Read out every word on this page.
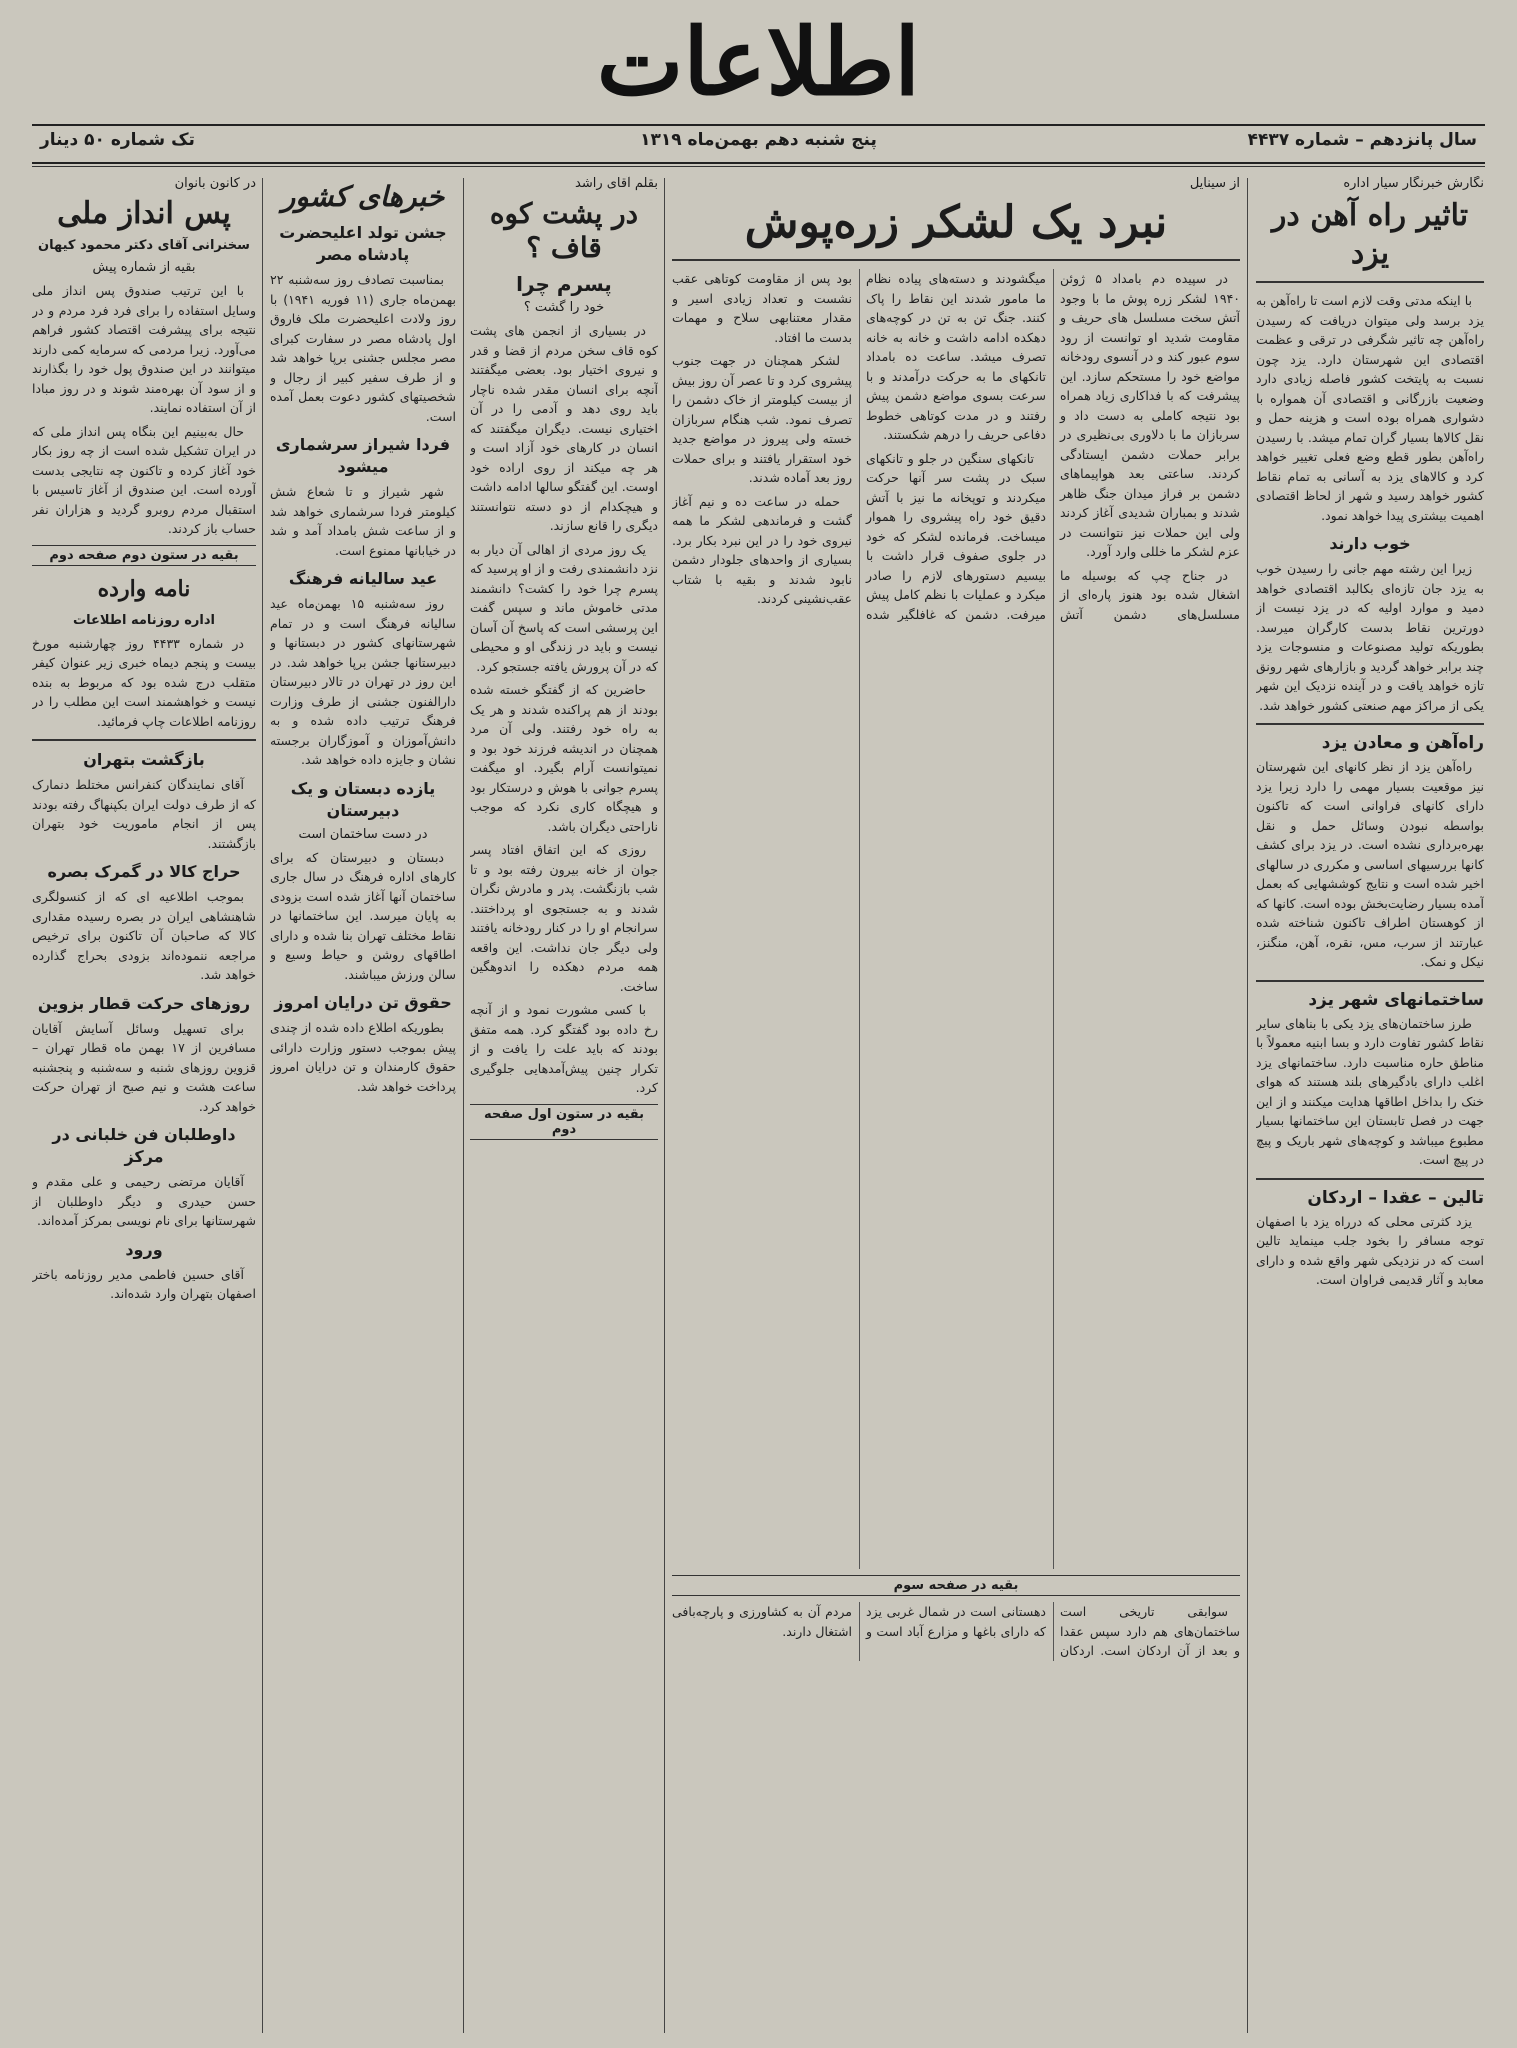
اطلاعات
سال پانزدهم – شماره ۴۴۳۷
پنج شنبه دهم بهمن‌ماه ۱۳۱۹
تک شماره ۵۰ دینار
نگارش خبرنگار سیار اداره
تاثیر راه آهن در یزد

با اینکه مدتی وقت لازم است تا راه‌آهن به یزد برسد ولی میتوان دریافت که رسیدن راه‌آهن چه تاثیر شگرفی در ترقی و عظمت اقتصادی این شهرستان دارد. یزد چون نسبت به پایتخت کشور فاصله زیادی دارد وضعیت بازرگانی و اقتصادی آن همواره با دشواری همراه بوده است و هزینه حمل و نقل کالاها بسیار گران تمام میشد. با رسیدن راه‌آهن بطور قطع وضع فعلی تغییر خواهد کرد و کالاهای یزد به آسانی به تمام نقاط کشور خواهد رسید و شهر از لحاظ اقتصادی اهمیت بیشتری پیدا خواهد نمود.

خوب دارند

زیرا این رشته مهم جانی را رسیدن خوب به یزد جان تازه‌ای بکالبد اقتصادی خواهد دمید و موارد اولیه که در یزد نیست از دورترین نقاط بدست کارگران میرسد. بطوریکه تولید مصنوعات و منسوجات یزد چند برابر خواهد گردید و بازارهای شهر رونق تازه خواهد یافت و در آینده نزدیک این شهر یکی از مراکز مهم صنعتی کشور خواهد شد.

راه‌آهن و معادن یزد

راه‌آهن یزد از نظر کانهای این شهرستان نیز موقعیت بسیار مهمی را دارد زیرا یزد دارای کانهای فراوانی است که تاکنون بواسطه نبودن وسائل حمل و نقل بهره‌برداری نشده است. در یزد برای کشف کانها بررسیهای اساسی و مکرری در سالهای اخیر شده است و نتایج کوششهایی که بعمل آمده بسیار رضایت‌بخش بوده است. کانها که از کوهستان اطراف تاکنون شناخته شده عبارتند از سرب، مس، نقره، آهن، منگنز، نیکل و نمک.

ساختمانهای شهر یزد

طرز ساختمان‌های یزد یکی با بناهای سایر نقاط کشور تفاوت دارد و بسا ابنیه معمولاً با مناطق حاره مناسبت دارد. ساختمانهای یزد اغلب دارای بادگیرهای بلند هستند که هوای خنک را بداخل اطاقها هدایت میکنند و از این جهت در فصل تابستان این ساختمانها بسیار مطبوع میباشد و کوچه‌های شهر باریک و پیچ در پیچ است.

تالین – عقدا – اردکان

یزد کثرتی محلی که درراه یزد با اصفهان توجه مسافر را بخود جلب مینماید تالین است که در نزدیکی شهر واقع شده و دارای معابد و آثار قدیمی فراوان است.

از سینایل
نبرد یک لشکر زره‌پوش

در سپیده دم بامداد ۵ ژوئن ۱۹۴۰ لشکر زره پوش ما با وجود آتش سخت مسلسل های حریف و مقاومت شدید او توانست از رود سوم عبور کند و در آنسوی رودخانه مواضع خود را مستحکم سازد. این پیشرفت که با فداکاری زیاد همراه بود نتیجه کاملی به دست داد و سربازان ما با دلاوری بی‌نظیری در برابر حملات دشمن ایستادگی کردند. ساعتی بعد هواپیماهای دشمن بر فراز میدان جنگ ظاهر شدند و بمباران شدیدی آغاز کردند ولی این حملات نیز نتوانست در عزم لشکر ما خللی وارد آورد.

در جناح چپ که بوسیله ما اشغال شده بود هنوز پاره‌ای از مسلسل‌های دشمن آتش میگشودند و دسته‌های پیاده نظام ما مامور شدند این نقاط را پاک کنند. جنگ تن به تن در کوچه‌های دهکده ادامه داشت و خانه به خانه تصرف میشد. ساعت ده بامداد تانکهای ما به حرکت درآمدند و با سرعت بسوی مواضع دشمن پیش رفتند و در مدت کوتاهی خطوط دفاعی حریف را درهم شکستند.

تانکهای سنگین در جلو و تانکهای سبک در پشت سر آنها حرکت میکردند و توپخانه ما نیز با آتش دقیق خود راه پیشروی را هموار میساخت. فرمانده لشکر که خود در جلوی صفوف قرار داشت با بیسیم دستورهای لازم را صادر میکرد و عملیات با نظم کامل پیش میرفت. دشمن که غافلگیر شده بود پس از مقاومت کوتاهی عقب نشست و تعداد زیادی اسیر و مقدار معتنابهی سلاح و مهمات بدست ما افتاد.

لشکر همچنان در جهت جنوب پیشروی کرد و تا عصر آن روز بیش از بیست کیلومتر از خاک دشمن را تصرف نمود. شب هنگام سربازان خسته ولی پیروز در مواضع جدید خود استقرار یافتند و برای حملات روز بعد آماده شدند.

حمله در ساعت ده و نیم آغاز گشت و فرماندهی لشکر ما همه نیروی خود را در این نبرد بکار برد. بسیاری از واحدهای جلودار دشمن نابود شدند و بقیه با شتاب عقب‌نشینی کردند.

بقیه در صفحه سوم

سوابقی تاریخی است ساختمان‌های هم دارد سپس عقدا و بعد از آن اردکان است. اردکان دهستانی است در شمال غربی یزد که دارای باغها و مزارع آباد است و مردم آن به کشاورزی و پارچه‌بافی اشتغال دارند.

بقلم آقای راشد
در پشت کوه قاف ؟
پسرم چرا
خود را گشت ؟

در بسیاری از انجمن های پشت کوه قاف سخن مردم از قضا و قدر و نیروی اختیار بود. بعضی میگفتند آنچه برای انسان مقدر شده ناچار باید روی دهد و آدمی را در آن اختیاری نیست. دیگران میگفتند که انسان در کارهای خود آزاد است و هر چه میکند از روی اراده خود اوست. این گفتگو سالها ادامه داشت و هیچکدام از دو دسته نتوانستند دیگری را قانع سازند.

یک روز مردی از اهالی آن دیار به نزد دانشمندی رفت و از او پرسید که پسرم چرا خود را کشت؟ دانشمند مدتی خاموش ماند و سپس گفت این پرسشی است که پاسخ آن آسان نیست و باید در زندگی او و محیطی که در آن پرورش یافته جستجو کرد.

حاضرین که از گفتگو خسته شده بودند از هم پراکنده شدند و هر یک به راه خود رفتند. ولی آن مرد همچنان در اندیشه فرزند خود بود و نمیتوانست آرام بگیرد. او میگفت پسرم جوانی با هوش و درستکار بود و هیچگاه کاری نکرد که موجب ناراحتی دیگران باشد.

روزی که این اتفاق افتاد پسر جوان از خانه بیرون رفته بود و تا شب بازنگشت. پدر و مادرش نگران شدند و به جستجوی او پرداختند. سرانجام او را در کنار رودخانه یافتند ولی دیگر جان نداشت. این واقعه همه مردم دهکده را اندوهگین ساخت.

با کسی مشورت نمود و از آنچه رخ داده بود گفتگو کرد. همه متفق بودند که باید علت را یافت و از تکرار چنین پیش‌آمدهایی جلوگیری کرد.

بقیه در ستون اول صفحه دوم
خبرهای کشور
جشن تولد اعلیحضرت پادشاه مصر

بمناسبت تصادف روز سه‌شنبه ۲۲ بهمن‌ماه جاری (۱۱ فوریه ۱۹۴۱) با روز ولادت اعلیحضرت ملک فاروق اول پادشاه مصر در سفارت کبرای مصر مجلس جشنی برپا خواهد شد و از طرف سفیر کبیر از رجال و شخصیتهای کشور دعوت بعمل آمده است.

فردا شیراز سرشماری میشود

شهر شیراز و تا شعاع شش کیلومتر فردا سرشماری خواهد شد و از ساعت شش بامداد آمد و شد در خیابانها ممنوع است.

عید سالیانه فرهنگ

روز سه‌شنبه ۱۵ بهمن‌ماه عید سالیانه فرهنگ است و در تمام شهرستانهای کشور در دبستانها و دبیرستانها جشن برپا خواهد شد. در این روز در تهران در تالار دبیرستان دارالفنون جشنی از طرف وزارت فرهنگ ترتیب داده شده و به دانش‌آموزان و آموزگاران برجسته نشان و جایزه داده خواهد شد.

یازده دبستان و یک دبیرستان
در دست ساختمان است

دبستان و دبیرستان که برای کارهای اداره فرهنگ در سال جاری ساختمان آنها آغاز شده است بزودی به پایان میرسد. این ساختمانها در نقاط مختلف تهران بنا شده و دارای اطاقهای روشن و حیاط وسیع و سالن ورزش میباشند.

حقوق تن درایان امروز

بطوریکه اطلاع داده شده از چندی پیش بموجب دستور وزارت دارائی حقوق کارمندان و تن درایان امروز پرداخت خواهد شد.

در کانون بانوان
پس انداز ملی
سخنرانی آقای دکتر محمود کیهان
بقیه از شماره پیش

با این ترتیب صندوق پس انداز ملی وسایل استفاده را برای فرد فرد مردم و در نتیجه برای پیشرفت اقتصاد کشور فراهم می‌آورد. زیرا مردمی که سرمایه کمی دارند میتوانند در این صندوق پول خود را بگذارند و از سود آن بهره‌مند شوند و در روز مبادا از آن استفاده نمایند.

حال به‌بینیم این بنگاه پس انداز ملی که در ایران تشکیل شده است از چه روز بکار خود آغاز کرده و تاکنون چه نتایجی بدست آورده است. این صندوق از آغاز تاسیس با استقبال مردم روبرو گردید و هزاران نفر حساب باز کردند.

بقیه در ستون دوم صفحه دوم
نامه وارده
اداره روزنامه اطلاعات

در شماره ۴۴۳۳ روز چهارشنبه مورخ بیست و پنجم دیماه خبری زیر عنوان کیفر متقلب درج شده بود که مربوط به بنده نیست و خواهشمند است این مطلب را در روزنامه اطلاعات چاپ فرمائید.

بازگشت بتهران

آقای نمایندگان کنفرانس مختلط دنمارک که از طرف دولت ایران بکپنهاگ رفته بودند پس از انجام ماموریت خود بتهران بازگشتند.

حراج کالا در گمرک بصره

بموجب اطلاعیه ای که از کنسولگری شاهنشاهی ایران در بصره رسیده مقداری کالا که صاحبان آن تاکنون برای ترخیص مراجعه ننموده‌اند بزودی بحراج گذارده خواهد شد.

روزهای حرکت قطار بزوین

برای تسهیل وسائل آسایش آقایان مسافرین از ۱۷ بهمن ماه قطار تهران – قزوین روزهای شنبه و سه‌شنبه و پنجشنبه ساعت هشت و نیم صبح از تهران حرکت خواهد کرد.

داوطلبان فن خلبانی در مرکز

آقایان مرتضی رحیمی و علی مقدم و حسن حیدری و دیگر داوطلبان از شهرستانها برای نام نویسی بمرکز آمده‌اند.

ورود

آقای حسین فاطمی مدیر روزنامه باختر اصفهان بتهران وارد شده‌اند.
